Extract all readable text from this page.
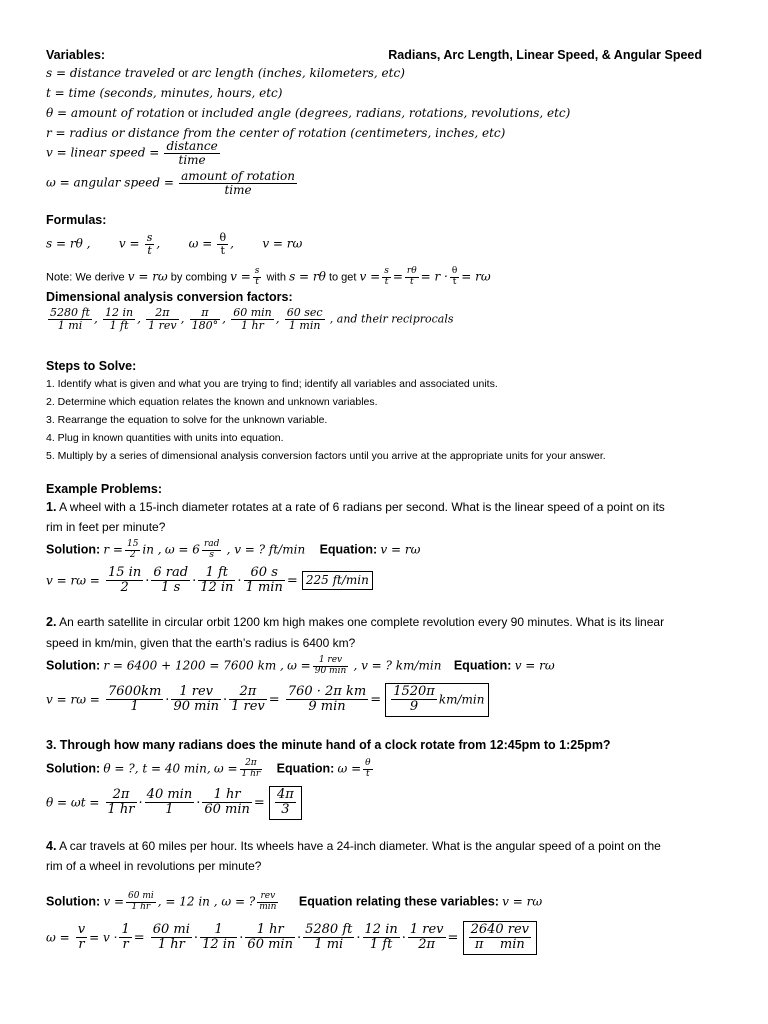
Variables:	Radians, Arc Length, Linear Speed, & Angular Speed
s = distance traveled or arc length (inches, kilometers, etc)
t = time (seconds, minutes, hours, etc)
θ = amount of rotation or included angle (degrees, radians, rotations, revolutions, etc)
r = radius or distance from the center of rotation (centimeters, inches, etc)
v = linear speed = $\frac{\text{distance}}{\text{time}}$
ω = angular speed = $\frac{\text{amount of rotation}}{\text{time}}$
Formulas:
s = rθ , $v = \frac{s}{t}$ , $\omega = \frac{\theta}{t}$ , v = rω
Note: We derive v = rω by combing $v = \frac{s}{t}$ with s = rθ to get $v = \frac{s}{t} = \frac{r\theta}{t} = r \cdot \frac{\theta}{t} = r\omega$
Dimensional analysis conversion factors:
$\frac{5280 ft}{1 mi}$ , $\frac{12 in}{1 ft}$ , $\frac{2\pi}{\text{1 rev}}$ , $\frac{\pi}{180^\circ}$ , $\frac{60 \min}{1 hr}$ , $\frac{60 \sec}{1 \min}$ , and their reciprocals
Steps to Solve:
1. Identify what is given and what you are trying to find; identify all variables and associated units.
2. Determine which equation relates the known and unknown variables.
3. Rearrange the equation to solve for the unknown variable.
4. Plug in known quantities with units into equation.
5. Multiply by a series of dimensional analysis conversion factors until you arrive at the appropriate units for your answer.
Example Problems:
1. A wheel with a 15-inch diameter rotates at a rate of 6 radians per second. What is the linear speed of a point on its
rim in feet per minute?
Solution: $r = \frac{15}{2}$ in , $\omega = 6 \frac{\text{rad}}{s}$ , v = ? ft/min Equation: v = rω
$v = r\omega = \frac{15 in}{2} \cdot \frac{\text{6 rad}}{1 s} \cdot \frac{1 ft}{12 in} \cdot \frac{60 s}{1 \min} = 225$ ft/min
2. An earth satellite in circular orbit 1200 km high makes one complete revolution every 90 minutes. What is its linear
speed in km/min, given that the earth’s radius is 6400 km?
Solution: r = 6400 + 1200 = 7600 km , $\omega = \frac{\text{1 rev}}{90 \min}$ , v = ? km/min Equation: v = rω
$v = r\omega = \frac{7600km}{1} \cdot \frac{\text{1 rev}}{90 \min} \cdot \frac{2\pi}{\text{1 rev}} = \frac{\text{760 · 2π km}}{9 \min} = \frac{1520\pi}{9} km/\min$
3. Through how many radians does the minute hand of a clock rotate from 12:45pm to 1:25pm?
Solution: θ = ?, t = 40 min, $\omega = \frac{2\pi}{1 hr}$ Equation: $\omega = \frac{\theta}{t}$
$\theta = \omega t = \frac{2\pi}{1 hr} \cdot \frac{40 \min}{1} \cdot \frac{1 hr}{60 \min} = \frac{4\pi}{3}$
4. A car travels at 60 miles per hour. Its wheels have a 24-inch diameter. What is the angular speed of a point on the
rim of a wheel in revolutions per minute?
Solution: $v = \frac{60 mi}{1 hr}$ , = 12 in , ω = ? $\frac{\text{rev}}{\min}$ Equation relating these variables: v = rω
$\omega = \frac{v}{r} = v \cdot \frac{1}{r} = \frac{60 mi}{1 hr} \cdot \frac{1}{12 in} \cdot \frac{1 hr}{60 \min} \cdot \frac{5280 ft}{1 mi} \cdot \frac{12 in}{1 ft} \cdot \frac{\text{1 rev}}{2\pi} = \frac{\text{2640 rev}}{\text{π    min}}$
